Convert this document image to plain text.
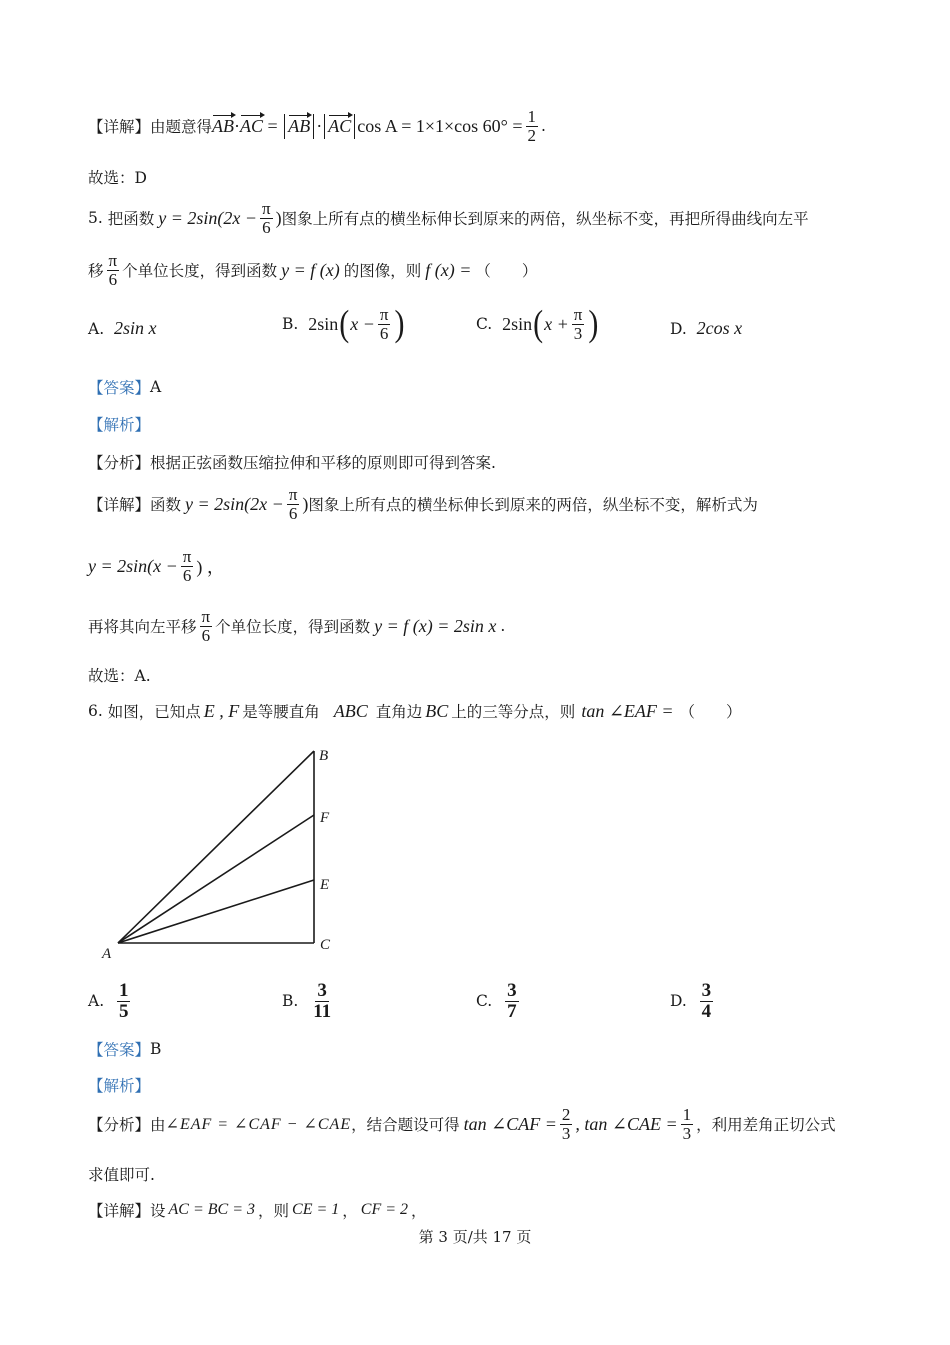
【详解】 由题意得 AB · AC = AB · AC cos A = 1×1×cos $60^\circ = \frac{1}{2}$ .
故选：D
5.
把函数 $y = 2\sin(2x - \frac{\pi}{6}$ ) 图象上所有点的横坐标伸长到原来的两倍，纵坐标不变，再把所得曲线向左平
移 $\frac{\pi}{6}$ 个单位长度，得到函数 y = f (x) 的图像，则 f (x) = （　　）
A.
2sin x	B.
2sin ( $x - \frac{\pi}{6}$ )	C.
2sin ( $x + \frac{\pi}{3}$ )	D.
2cos x
【答案】 A
【解析】
【分析】 根据正弦函数压缩拉伸和平移的原则即可得到答案.
【详解】 函数 $y = 2\sin(2x - \frac{\pi}{6}$ ) 图象上所有点的横坐标伸长到原来的两倍，纵坐标不变，解析式为
$y = 2\sin(x - \frac{\pi}{6}$ ) ，
再将其向左平移 $\frac{\pi}{6}$ 个单位长度，得到函数 y = f (x) = 2sin x .
故选：A.
6.
如图，已知点 E , F 是等腰直角 ABC 直角边 BC 上的三等分点，则 tan ∠EAF = （　　）
A
B
F
E
C
A.
$\frac{1}{5}$	B.
$\frac{3}{11}$	C.
$\frac{3}{7}$	D.
$\frac{3}{4}$
【答案】 B
【解析】
【分析】 由 ∠EAF = ∠CAF − ∠CAE ，结合题设可得 tan ∠CAF = $\frac{2}{3}$ , tan ∠CAE = $\frac{1}{3}$ ，利用差角正切公式
求值即可.
【详解】 设 AC = BC = 3 ，则 CE = 1 ， CF = 2 ，
第 3 页/共 17 页
